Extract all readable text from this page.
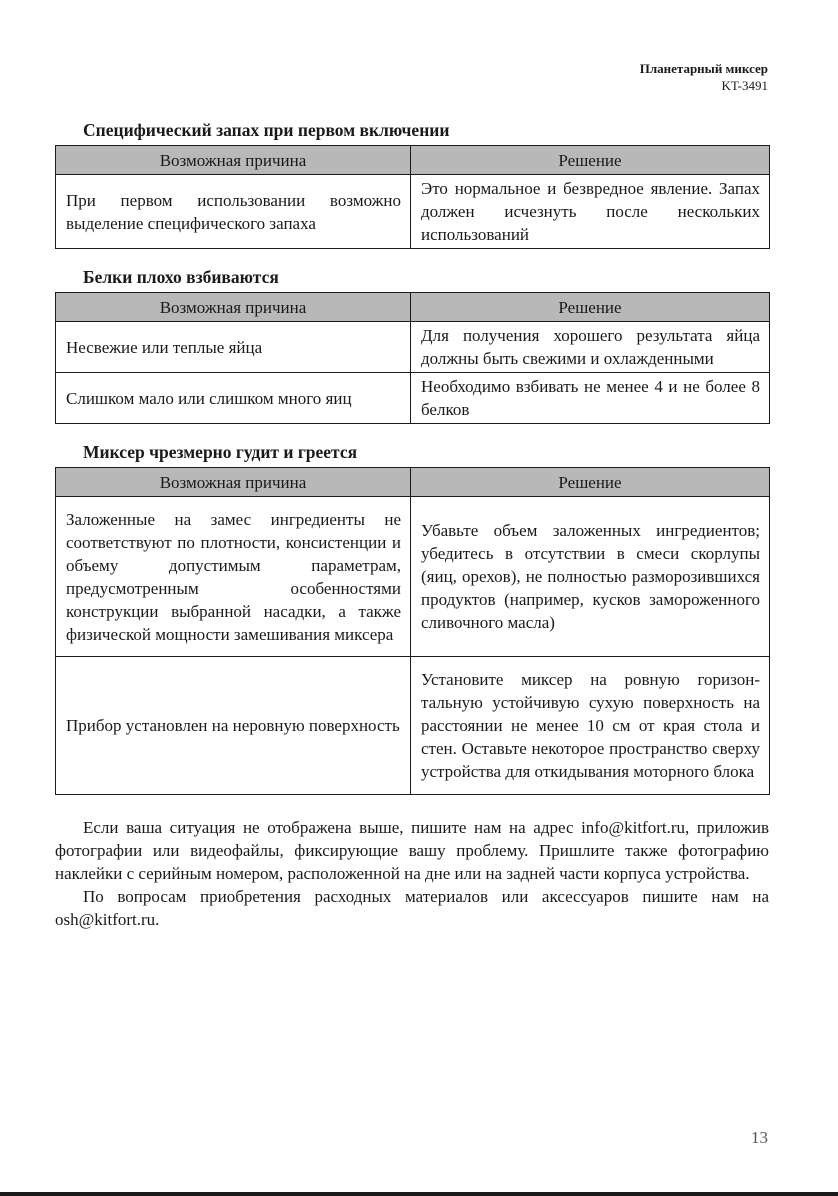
Планетарный миксер
KT-3491
Специфический запах при первом включении
Возможная причина	Решение
При первом использовании возможно выделение специфического запаха	Это нормальное и безвредное явление. Запах должен исчезнуть после нескольких использований
Белки плохо взбиваются
Возможная причина	Решение
Несвежие или теплые яйца	Для получения хорошего результата яйца должны быть свежими и охлажденными
Слишком мало или слишком много яиц	Необходимо взбивать не менее 4 и не более 8 белков
Миксер чрезмерно гудит и греется
Возможная причина	Решение
Заложенные на замес ингредиенты не соответствуют по плотности, консистенции и объему допустимым параметрам, предусмотренным особенностями конструкции выбранной насадки, а также физической мощности замешивания миксера	Убавьте объем заложенных ингредиентов; убедитесь в отсутствии в смеси скорлупы (яиц, орехов), не полностью разморозившихся продуктов (например, кусков замороженного сливочного масла)
Прибор установлен на неровную поверхность	Установите миксер на ровную горизонтальную устойчивую сухую поверхность на расстоянии не менее 10 см от края стола и стен. Оставьте некоторое пространство сверху устройства для откидывания моторного блока

Если ваша ситуация не отображена выше, пишите нам на адрес info@kitfort.ru, приложив фотографии или видеофайлы, фиксирующие вашу проблему. Пришлите также фотографию наклейки с серийным номером, расположенной на дне или на задней части корпуса устройства.

По вопросам приобретения расходных материалов или аксессуаров пишите нам на osh@kitfort.ru.

13
